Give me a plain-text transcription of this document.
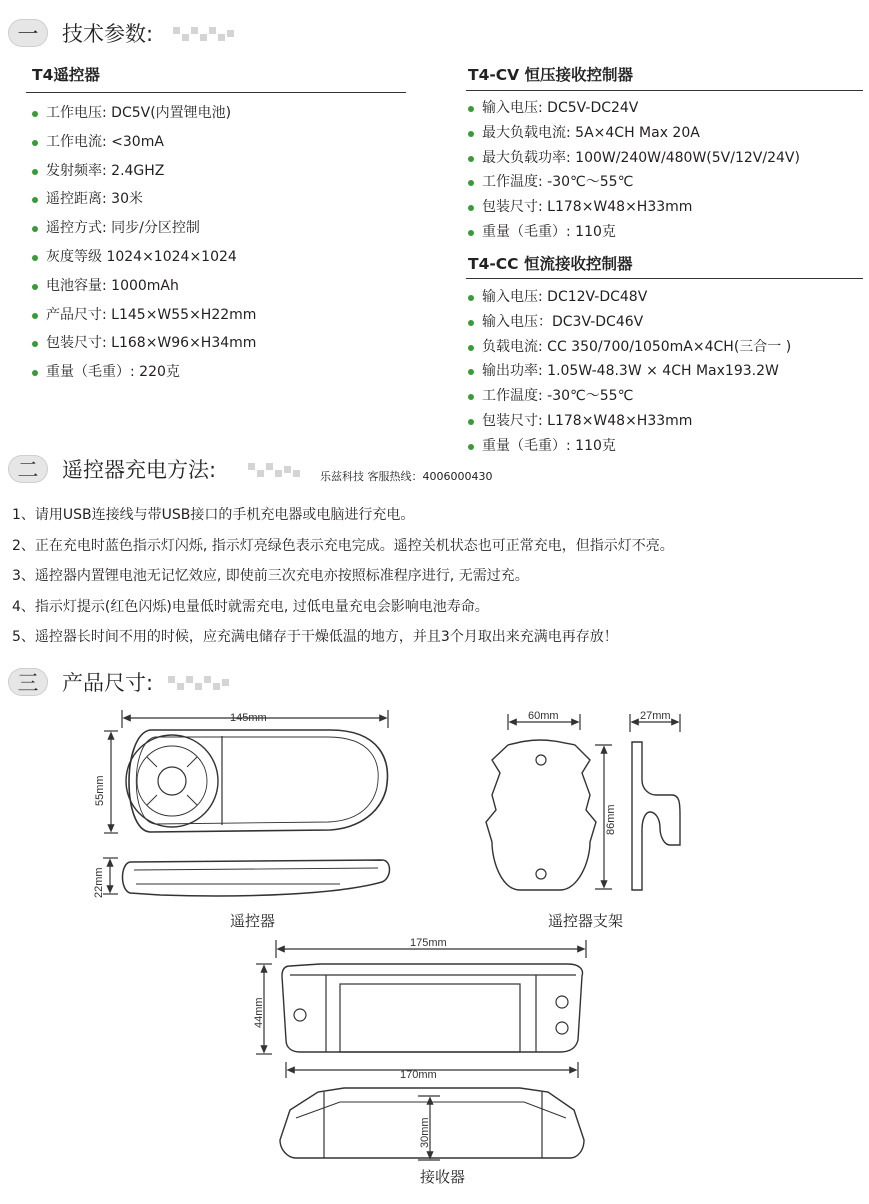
一	技术参数:
T4遥控器
工作电压: DC5V(内置锂电池)
工作电流: <30mA
发射频率: 2.4GHZ
遥控距离: 30米
遥控方式: 同步/分区控制
灰度等级 1024×1024×1024
电池容量: 1000mAh
产品尺寸: L145×W55×H22mm
包装尺寸: L168×W96×H34mm
重量（毛重）: 220克
T4-CV 恒压接收控制器
输入电压: DC5V-DC24V
最大负载电流: 5A×4CH Max 20A
最大负载功率: 100W/240W/480W(5V/12V/24V)
工作温度: -30℃～55℃
包装尺寸: L178×W48×H33mm
重量（毛重）: 110克
T4-CC 恒流接收控制器
输入电压: DC12V-DC48V
输入电压：DC3V-DC46V
负载电流: CC 350/700/1050mA×4CH(三合一 )
输出功率: 1.05W-48.3W × 4CH Max193.2W
工作温度: -30℃～55℃
包装尺寸: L178×W48×H33mm
重量（毛重）: 110克
二	遥控器充电方法:	乐兹科技 客服热线：4006000430
1、请用USB连接线与带USB接口的手机充电器或电脑进行充电。
2、正在充电时蓝色指示灯闪烁, 指示灯亮绿色表示充电完成。遥控关机状态也可正常充电，但指示灯不亮。
3、遥控器内置锂电池无记忆效应, 即使前三次充电亦按照标准程序进行, 无需过充。
4、指示灯提示(红色闪烁)电量低时就需充电, 过低电量充电会影响电池寿命。
5、遥控器长时间不用的时候，应充满电储存于干燥低温的地方，并且3个月取出来充满电再存放！
三	产品尺寸:
145mm
55mm
22mm
遥控器
60mm
86mm
27mm
遥控器支架
175mm
44mm
170mm
30mm
接收器
